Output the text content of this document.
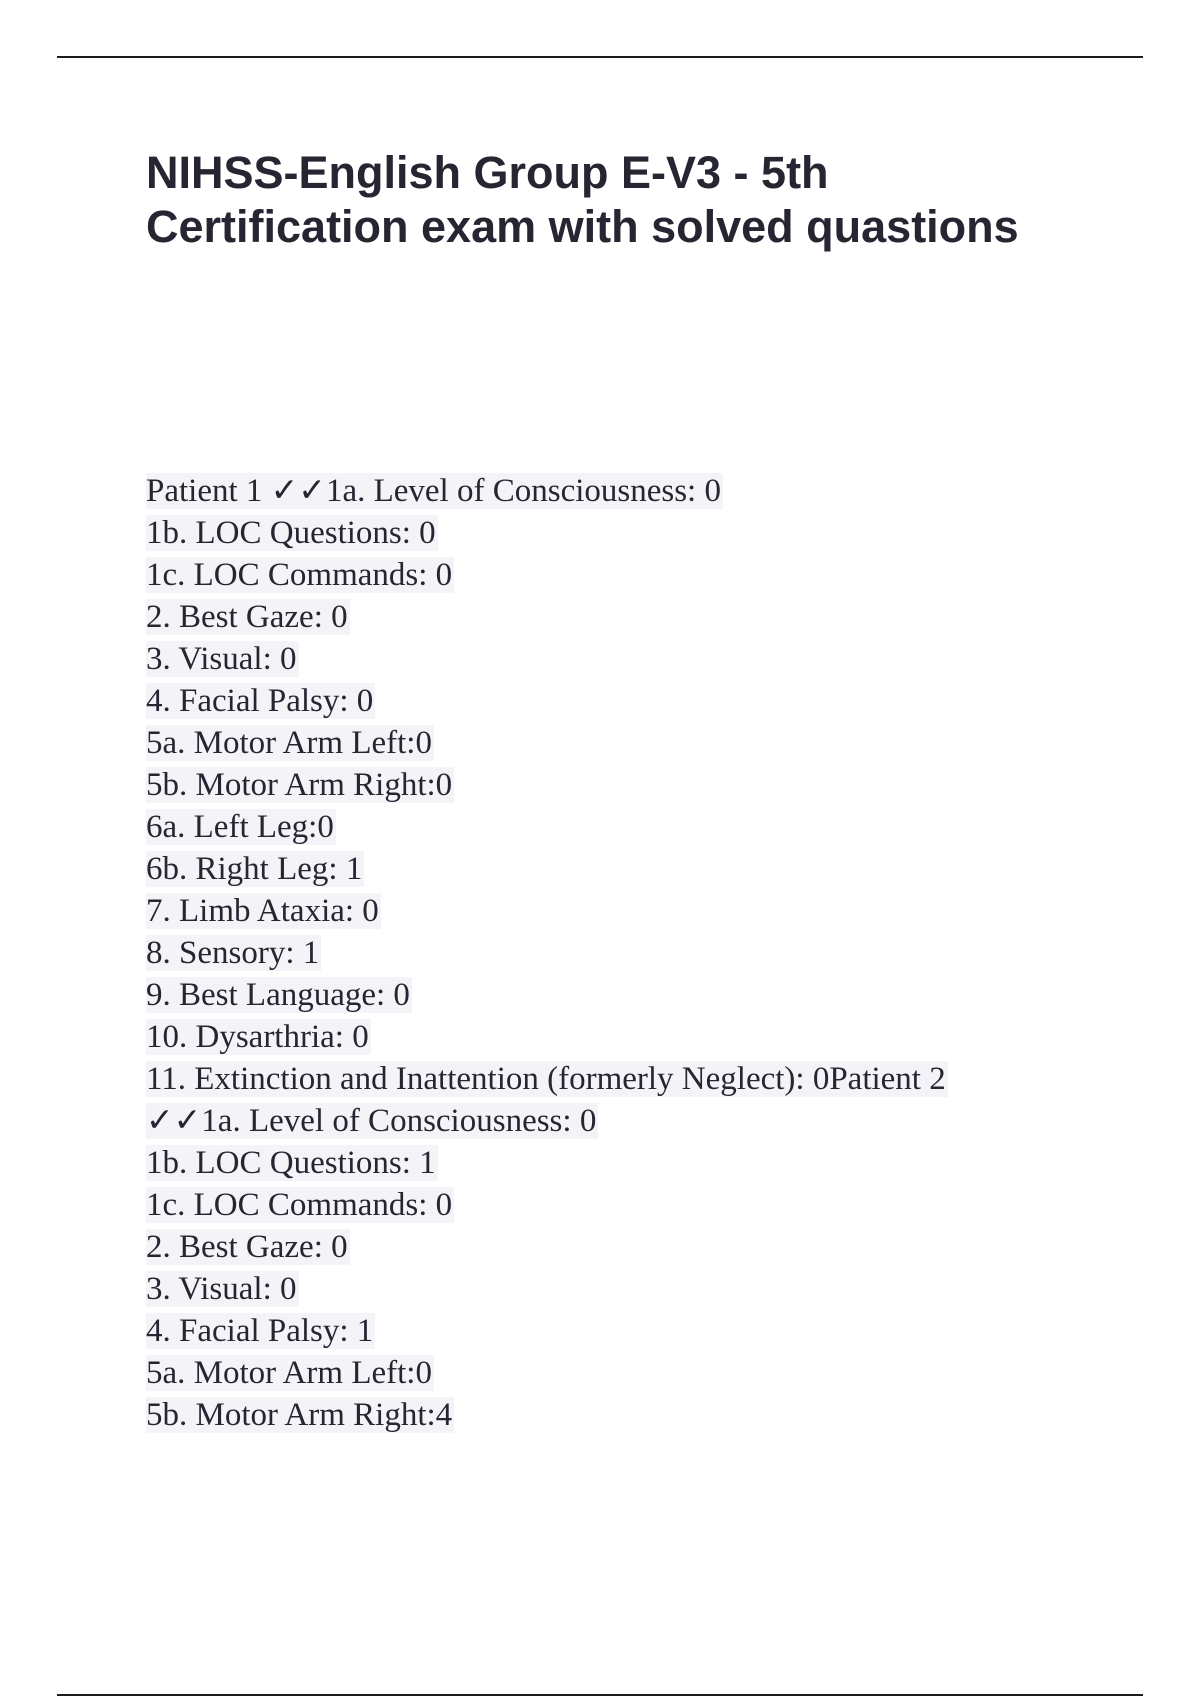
NIHSS-English Group E-V3 - 5th
Certification exam with solved quastions
Patient 1 ✓✓1a. Level of Consciousness: 0
1b. LOC Questions: 0
1c. LOC Commands: 0
2. Best Gaze: 0
3. Visual: 0
4. Facial Palsy: 0
5a. Motor Arm Left:0
5b. Motor Arm Right:0
6a. Left Leg:0
6b. Right Leg: 1
7. Limb Ataxia: 0
8. Sensory: 1
9. Best Language: 0
10. Dysarthria: 0
11. Extinction and Inattention (formerly Neglect): 0Patient 2
✓✓1a. Level of Consciousness: 0
1b. LOC Questions: 1
1c. LOC Commands: 0
2. Best Gaze: 0
3. Visual: 0
4. Facial Palsy: 1
5a. Motor Arm Left:0
5b. Motor Arm Right:4
